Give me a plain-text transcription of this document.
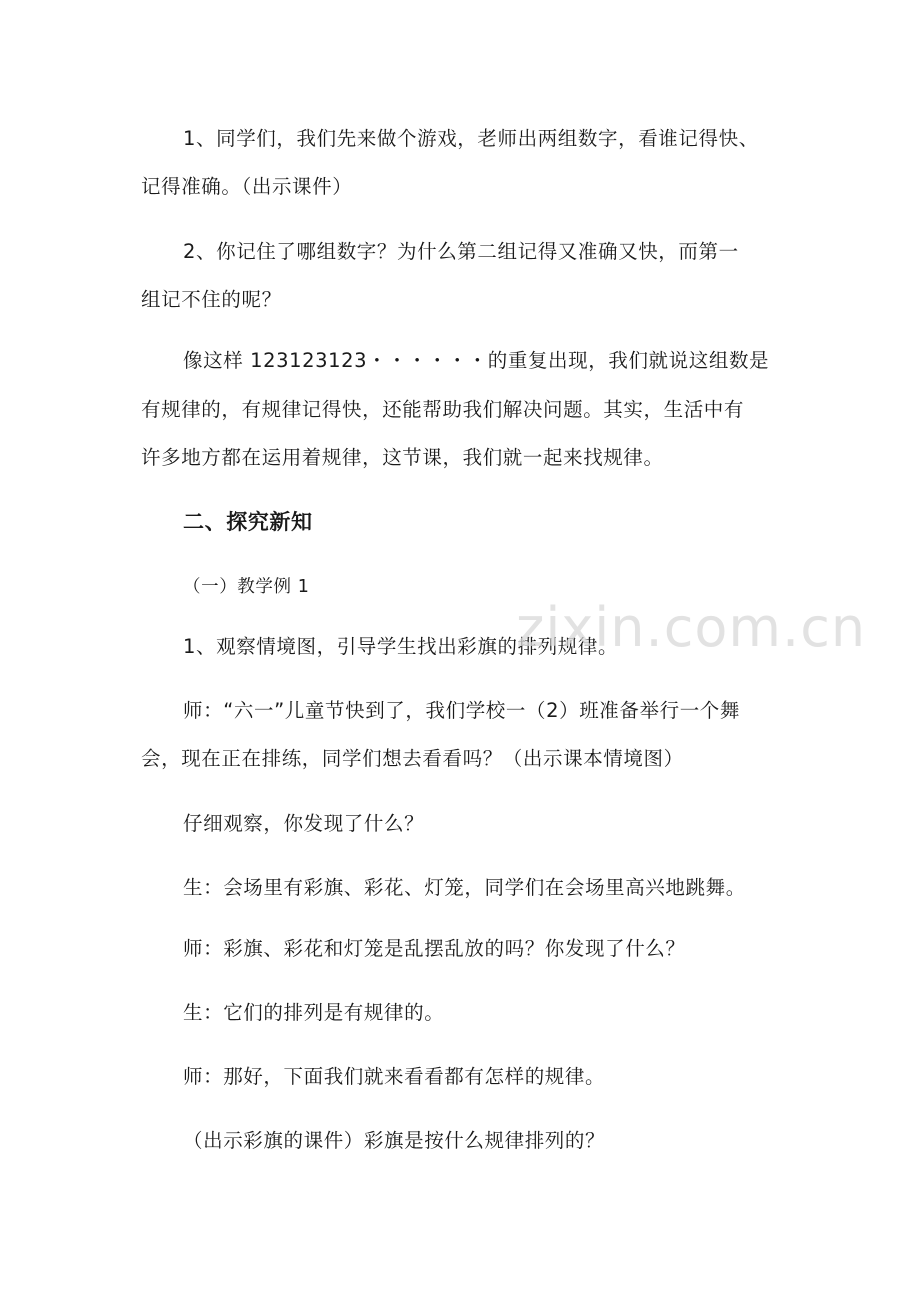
1、同学们，我们先来做个游戏，老师出两组数字，看谁记得快、
记得准确。（出示课件）
2、你记住了哪组数字？为什么第二组记得又准确又快，而第一
组记不住的呢？
像这样 123123123・・・・・・的重复出现，我们就说这组数是
有规律的，有规律记得快，还能帮助我们解决问题。其实，生活中有
许多地方都在运用着规律，这节课，我们就一起来找规律。
二、探究新知
（一）教学例 1
1、观察情境图，引导学生找出彩旗的排列规律。
师：“六一”儿童节快到了，我们学校一（2）班准备举行一个舞
会，现在正在排练，同学们想去看看吗？（出示课本情境图）
仔细观察，你发现了什么？
生：会场里有彩旗、彩花、灯笼，同学们在会场里高兴地跳舞。
师：彩旗、彩花和灯笼是乱摆乱放的吗？你发现了什么？
生：它们的排列是有规律的。
师：那好，下面我们就来看看都有怎样的规律。
（出示彩旗的课件）彩旗是按什么规律排列的？
zixin.com.cn
